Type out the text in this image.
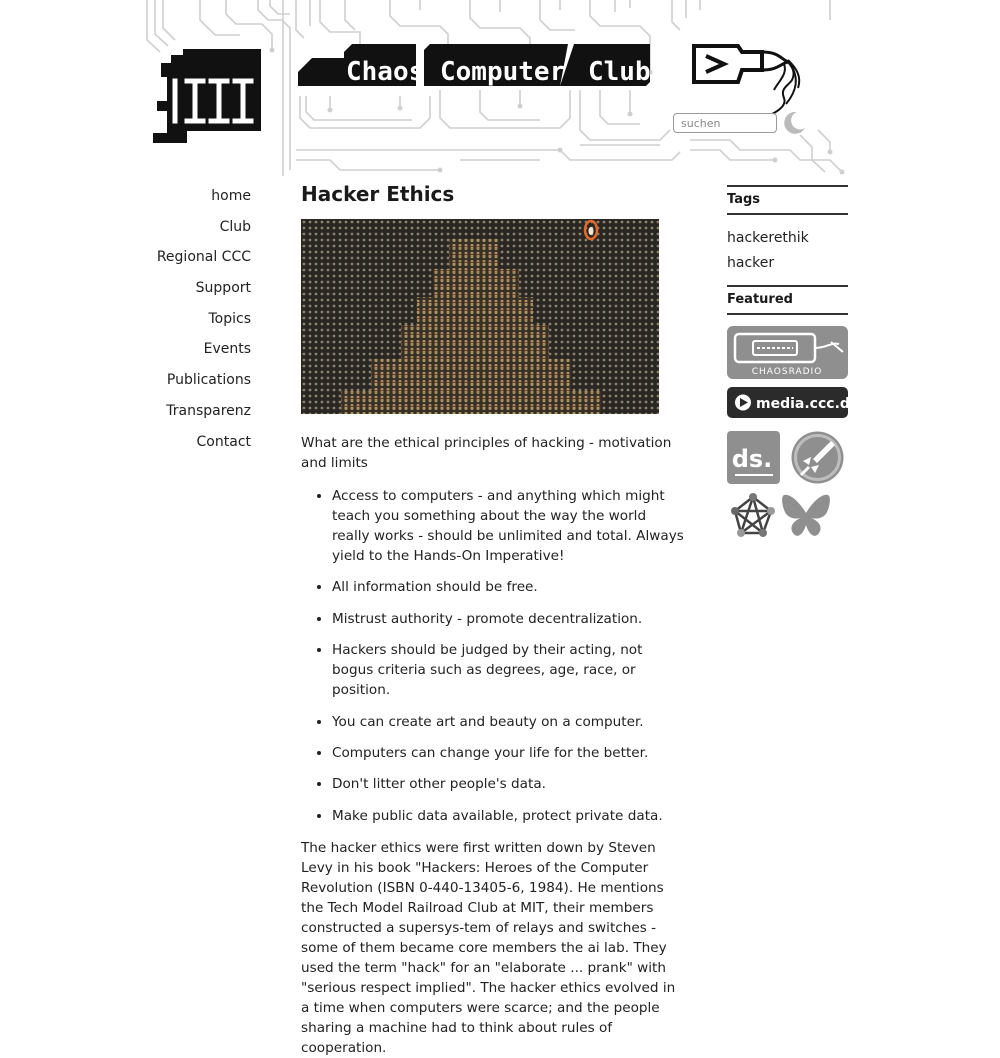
Chaos Computer Club
suchen
home
Club
Regional CCC
Support
Topics
Events
Publications
Transparenz
Contact
Hacker Ethics

What are the ethical principles of hacking - motivation and limits

• Access to computers - and anything which might teach you something about the way the world really works - should be unlimited and total. Always yield to the Hands-On Imperative!
• All information should be free.
• Mistrust authority - promote decentralization.
• Hackers should be judged by their acting, not bogus criteria such as degrees, age, race, or position.
• You can create art and beauty on a computer.
• Computers can change your life for the better.
• Don't litter other people's data.
• Make public data available, protect private data.

The hacker ethics were first written down by Steven Levy in his book "Hackers: Heroes of the Computer Revolution (ISBN 0-440-13405-6, 1984). He mentions the Tech Model Railroad Club at MIT, their members constructed a supersys-tem of relays and switches - some of them became core members the ai lab. They used the term "hack" for an "elaborate ... prank" with "serious respect implied". The hacker ethics evolved in a time when computers were scarce; and the people sharing a machine had to think about rules of cooperation.

Tags
hackerethik
hacker
Featured
CHAOSRADIO
media.ccc.de
ds.
